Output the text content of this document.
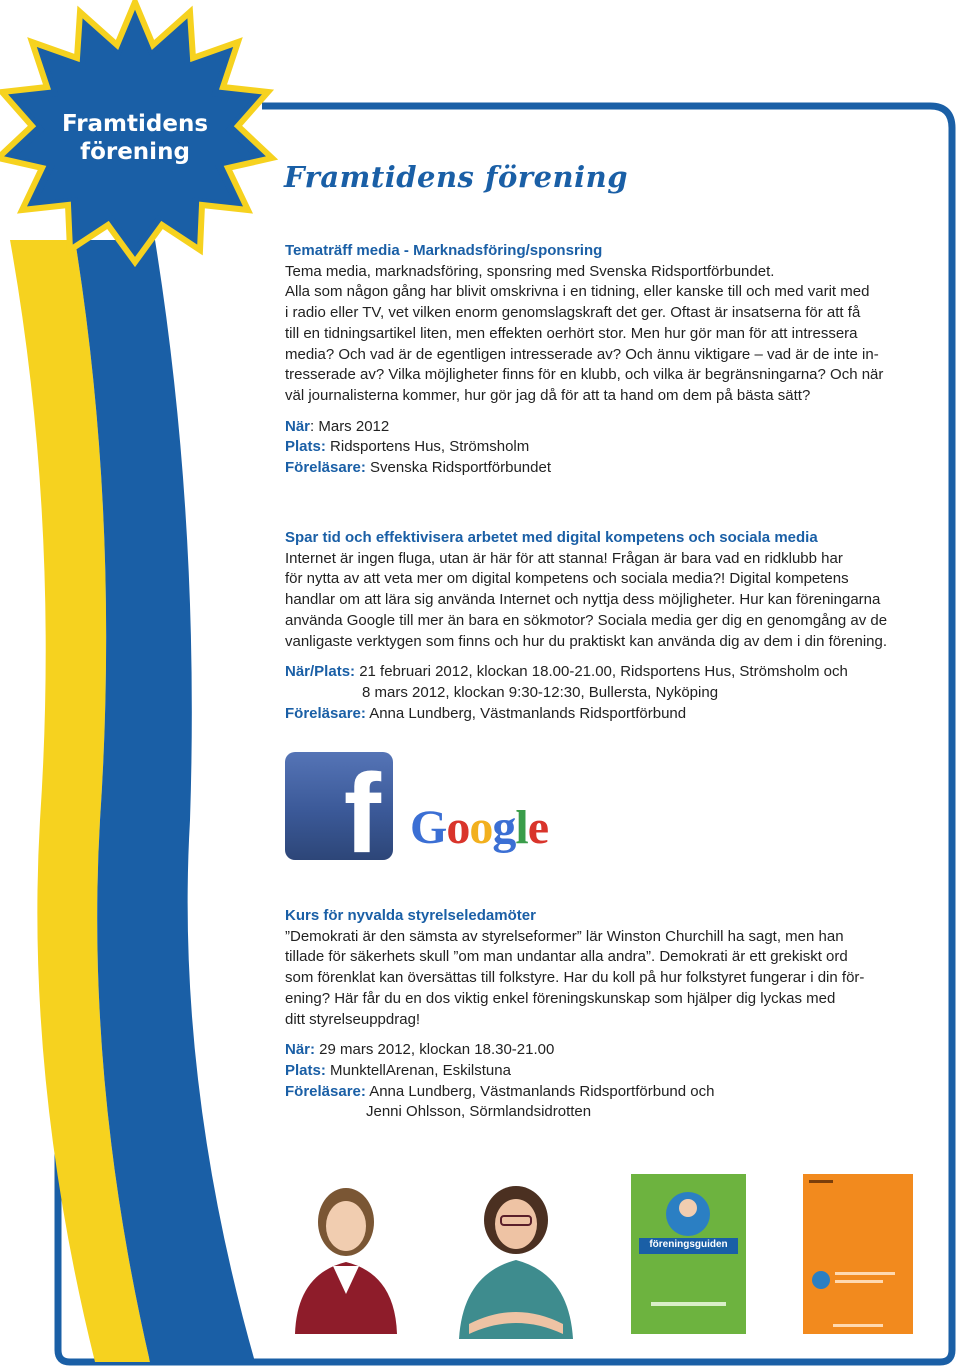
Framtidens
förening
Framtidens förening
Tematräff media - Marknadsföring/sponsring

Tema media, marknadsföring, sponsring med Svenska Ridsportförbundet.

Alla som någon gång har blivit omskrivna i en tidning, eller kanske till och med varit med

i radio eller TV, vet vilken enorm genomslagskraft det ger. Oftast är insatserna för att få

till en tidningsartikel liten, men effekten oerhört stor. Men hur gör man för att intressera

media? Och vad är de egentligen intresserade av? Och ännu viktigare – vad är de inte in-

tresserade av? Vilka möjligheter finns för en klubb, och vilka är begränsningarna? Och när

väl journalisterna kommer, hur gör jag då för att ta hand om dem på bästa sätt?

När: Mars 2012

Plats: Ridsportens Hus, Strömsholm

Föreläsare: Svenska Ridsportförbundet

Spar tid och effektivisera arbetet med digital kompetens och sociala media

Internet är ingen fluga, utan är här för att stanna! Frågan är bara vad en ridklubb har

för nytta av att veta mer om digital kompetens och sociala media?! Digital kompetens

handlar om att lära sig använda Internet och nyttja dess möjligheter. Hur kan föreningarna

använda Google till mer än bara en sökmotor? Sociala media ger dig en genomgång av de

vanligaste verktygen som finns och hur du praktiskt kan använda dig av dem i din förening.

När/Plats: 21 februari 2012, klockan 18.00-21.00, Ridsportens Hus, Strömsholm och

8 mars 2012, klockan 9:30-12:30, Bullersta, Nyköping

Föreläsare: Anna Lundberg, Västmanlands Ridsportförbund

f Google
Kurs för nyvalda styrelseledamöter

”Demokrati är den sämsta av styrelseformer” lär Winston Churchill ha sagt, men han

tillade för säkerhets skull ”om man undantar alla andra”. Demokrati är ett grekiskt ord

som förenklat kan översättas till folkstyre. Har du koll på hur folkstyret fungerar i din för-

ening? Här får du en dos viktig enkel föreningskunskap som hjälper dig lyckas med

ditt styrelseuppdrag!

När: 29 mars 2012, klockan 18.30-21.00

Plats: MunktellArenan, Eskilstuna

Föreläsare: Anna Lundberg, Västmanlands Ridsportförbund och

Jenni Ohlsson, Sörmlandsidrotten

föreningsguiden
